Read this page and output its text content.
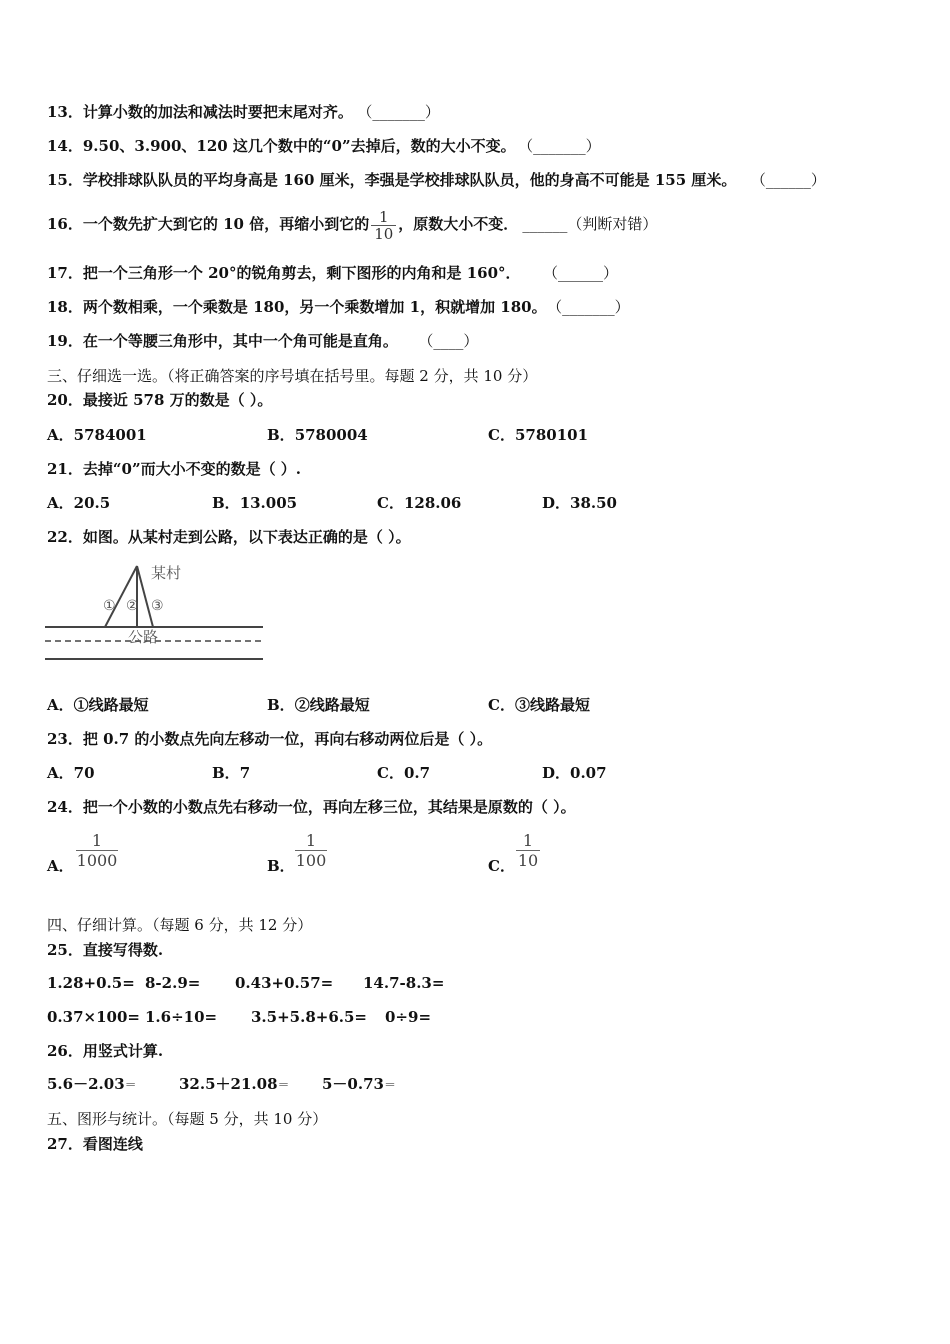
13．计算小数的加法和减法时要把末尾对齐。 （_______）
14．9.50、3.900、120 这几个数中的“0”去掉后，数的大小不变。 （_______）
15．学校排球队队员的平均身高是 160 厘米，李强是学校排球队队员，他的身高不可能是 155 厘米。 （______）
16．一个数先扩大到它的 10 倍，再缩小到它的 $\frac{1}{10}$ ，原数大小不变． ______（判断对错）
17．把一个三角形一个 20°的锐角剪去，剩下图形的内角和是 160°． （______）
18．两个数相乘，一个乘数是 180，另一个乘数增加 1，积就增加 180。 （_______）
19．在一个等腰三角形中，其中一个角可能是直角。 （____）
三、仔细选一选。（将正确答案的序号填在括号里。每题 2 分，共 10 分）
20．最接近 578 万的数是（ ）。
A．5784001	B．5780004	C．5780101
21．去掉“0”而大小不变的数是（ ）.
A．20.5	B．13.005	C．128.06	D．38.50
22．如图。从某村走到公路，以下表达正确的是（ ）。
某村
公路
① ② ③
A．①线路最短	B．②线路最短	C．③线路最短
23．把 0.7 的小数点先向左移动一位，再向右移动两位后是（ ）。
A．70	B．7	C．0.7	D．0.07
24．把一个小数的小数点先右移动一位，再向左移三位，其结果是原数的（ ）。
A． $\frac{1}{1000}$	B． $\frac{1}{100}$	C． $\frac{1}{10}$
四、仔细计算。（每题 6 分，共 12 分）
25．直接写得数.
1.28+0.5= 8-2.9= 0.43+0.57= 14.7-8.3=
0.37×100= 1.6÷10= 3.5+5.8+6.5= 0÷9=
26．用竖式计算.
5.6－2.03＝	32.5＋21.08＝ 5－0.73＝
五、图形与统计。（每题 5 分，共 10 分）
27．看图连线
